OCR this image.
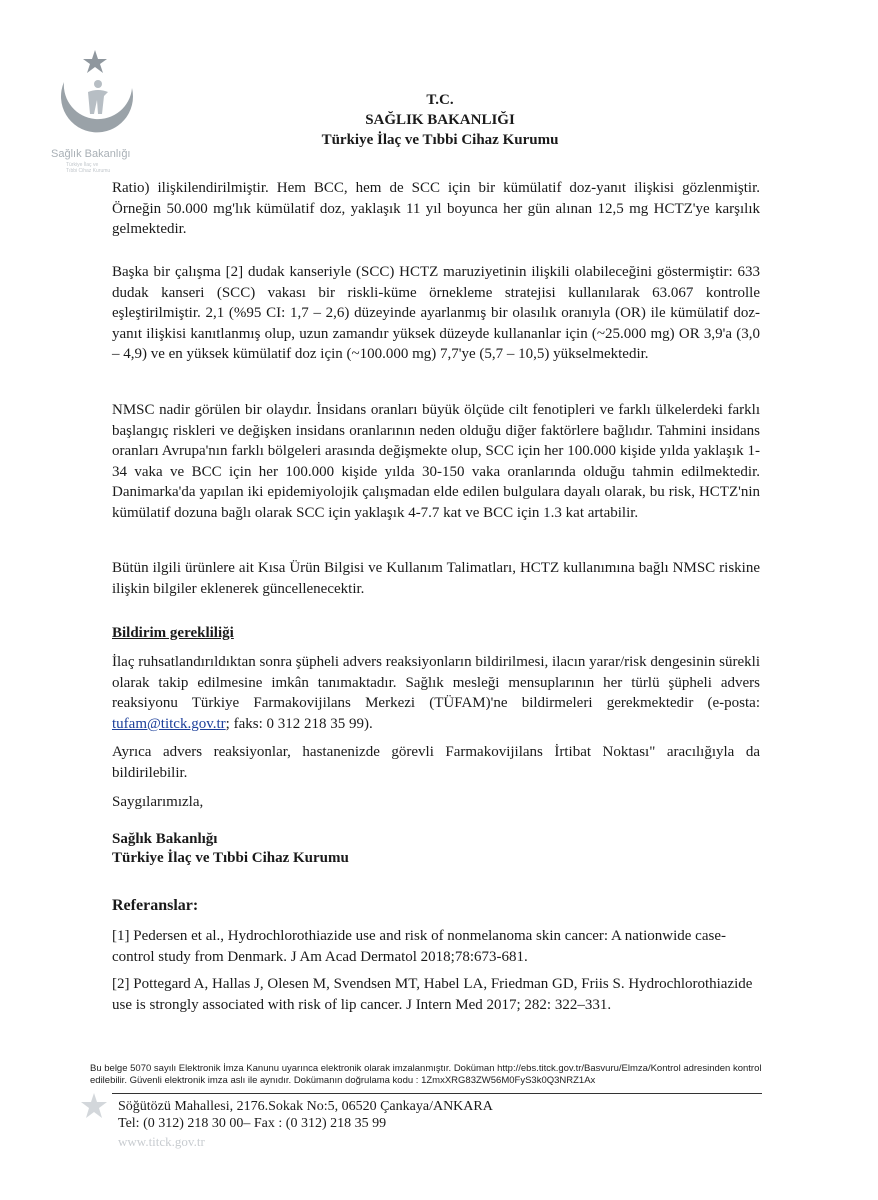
Sağlık Bakanlığı
Türkiye İlaç ve
Tıbbi Cihaz Kurumu
T.C.
SAĞLIK BAKANLIĞI
Türkiye İlaç ve Tıbbi Cihaz Kurumu
Ratio) ilişkilendirilmiştir. Hem BCC, hem de SCC için bir kümülatif doz-yanıt ilişkisi gözlenmiştir. Örneğin 50.000 mg'lık kümülatif doz, yaklaşık 11 yıl boyunca her gün alınan 12,5 mg HCTZ'ye karşılık gelmektedir.
Başka bir çalışma [2] dudak kanseriyle (SCC) HCTZ maruziyetinin ilişkili olabileceğini göstermiştir: 633 dudak kanseri (SCC) vakası bir riskli-küme örnekleme stratejisi kullanılarak 63.067 kontrolle eşleştirilmiştir. 2,1 (%95 CI: 1,7 – 2,6) düzeyinde ayarlanmış bir olasılık oranıyla (OR) ile kümülatif doz-yanıt ilişkisi kanıtlanmış olup, uzun zamandır yüksek düzeyde kullananlar için (~25.000 mg) OR 3,9'a (3,0 – 4,9) ve en yüksek kümülatif doz için (~100.000 mg) 7,7'ye (5,7 – 10,5) yükselmektedir.
NMSC nadir görülen bir olaydır. İnsidans oranları büyük ölçüde cilt fenotipleri ve farklı ülkelerdeki farklı başlangıç riskleri ve değişken insidans oranlarının neden olduğu diğer faktörlere bağlıdır. Tahmini insidans oranları Avrupa'nın farklı bölgeleri arasında değişmekte olup, SCC için her 100.000 kişide yılda yaklaşık 1-34 vaka ve BCC için her 100.000 kişide yılda 30-150 vaka oranlarında olduğu tahmin edilmektedir. Danimarka'da yapılan iki epidemiyolojik çalışmadan elde edilen bulgulara dayalı olarak, bu risk, HCTZ'nin kümülatif dozuna bağlı olarak SCC için yaklaşık 4-7.7 kat ve BCC için 1.3 kat artabilir.
Bütün ilgili ürünlere ait Kısa Ürün Bilgisi ve Kullanım Talimatları, HCTZ kullanımına bağlı NMSC riskine ilişkin bilgiler eklenerek güncellenecektir.
Bildirim gerekliliği
İlaç ruhsatlandırıldıktan sonra şüpheli advers reaksiyonların bildirilmesi, ilacın yarar/risk dengesinin sürekli olarak takip edilmesine imkân tanımaktadır. Sağlık mesleği mensuplarının her türlü şüpheli advers reaksiyonu Türkiye Farmakovijilans Merkezi (TÜFAM)'ne bildirmeleri gerekmektedir (e-posta: tufam@titck.gov.tr; faks: 0 312 218 35 99).
Ayrıca advers reaksiyonlar, hastanenizde görevli Farmakovijilans İrtibat Noktası" aracılığıyla da bildirilebilir.
Saygılarımızla,
Sağlık Bakanlığı
Türkiye İlaç ve Tıbbi Cihaz Kurumu
Referanslar:
[1] Pedersen et al., Hydrochlorothiazide use and risk of nonmelanoma skin cancer: A nationwide case-control study from Denmark. J Am Acad Dermatol 2018;78:673-681.
[2] Pottegard A, Hallas J, Olesen M, Svendsen MT, Habel LA, Friedman GD, Friis S. Hydrochlorothiazide use is strongly associated with risk of lip cancer. J Intern Med 2017; 282: 322–331.
Bu belge 5070 sayılı Elektronik İmza Kanunu uyarınca elektronik olarak imzalanmıştır. Doküman http://ebs.titck.gov.tr/Basvuru/Elmza/Kontrol adresinden kontrol edilebilir. Güvenli elektronik imza aslı ile aynıdır. Dokümanın doğrulama kodu : 1ZmxXRG83ZW56M0FyS3k0Q3NRZ1Ax
Söğütözü Mahallesi, 2176.Sokak No:5, 06520 Çankaya/ANKARA
Tel: (0 312) 218 30 00– Fax : (0 312) 218 35 99
www.titck.gov.tr
